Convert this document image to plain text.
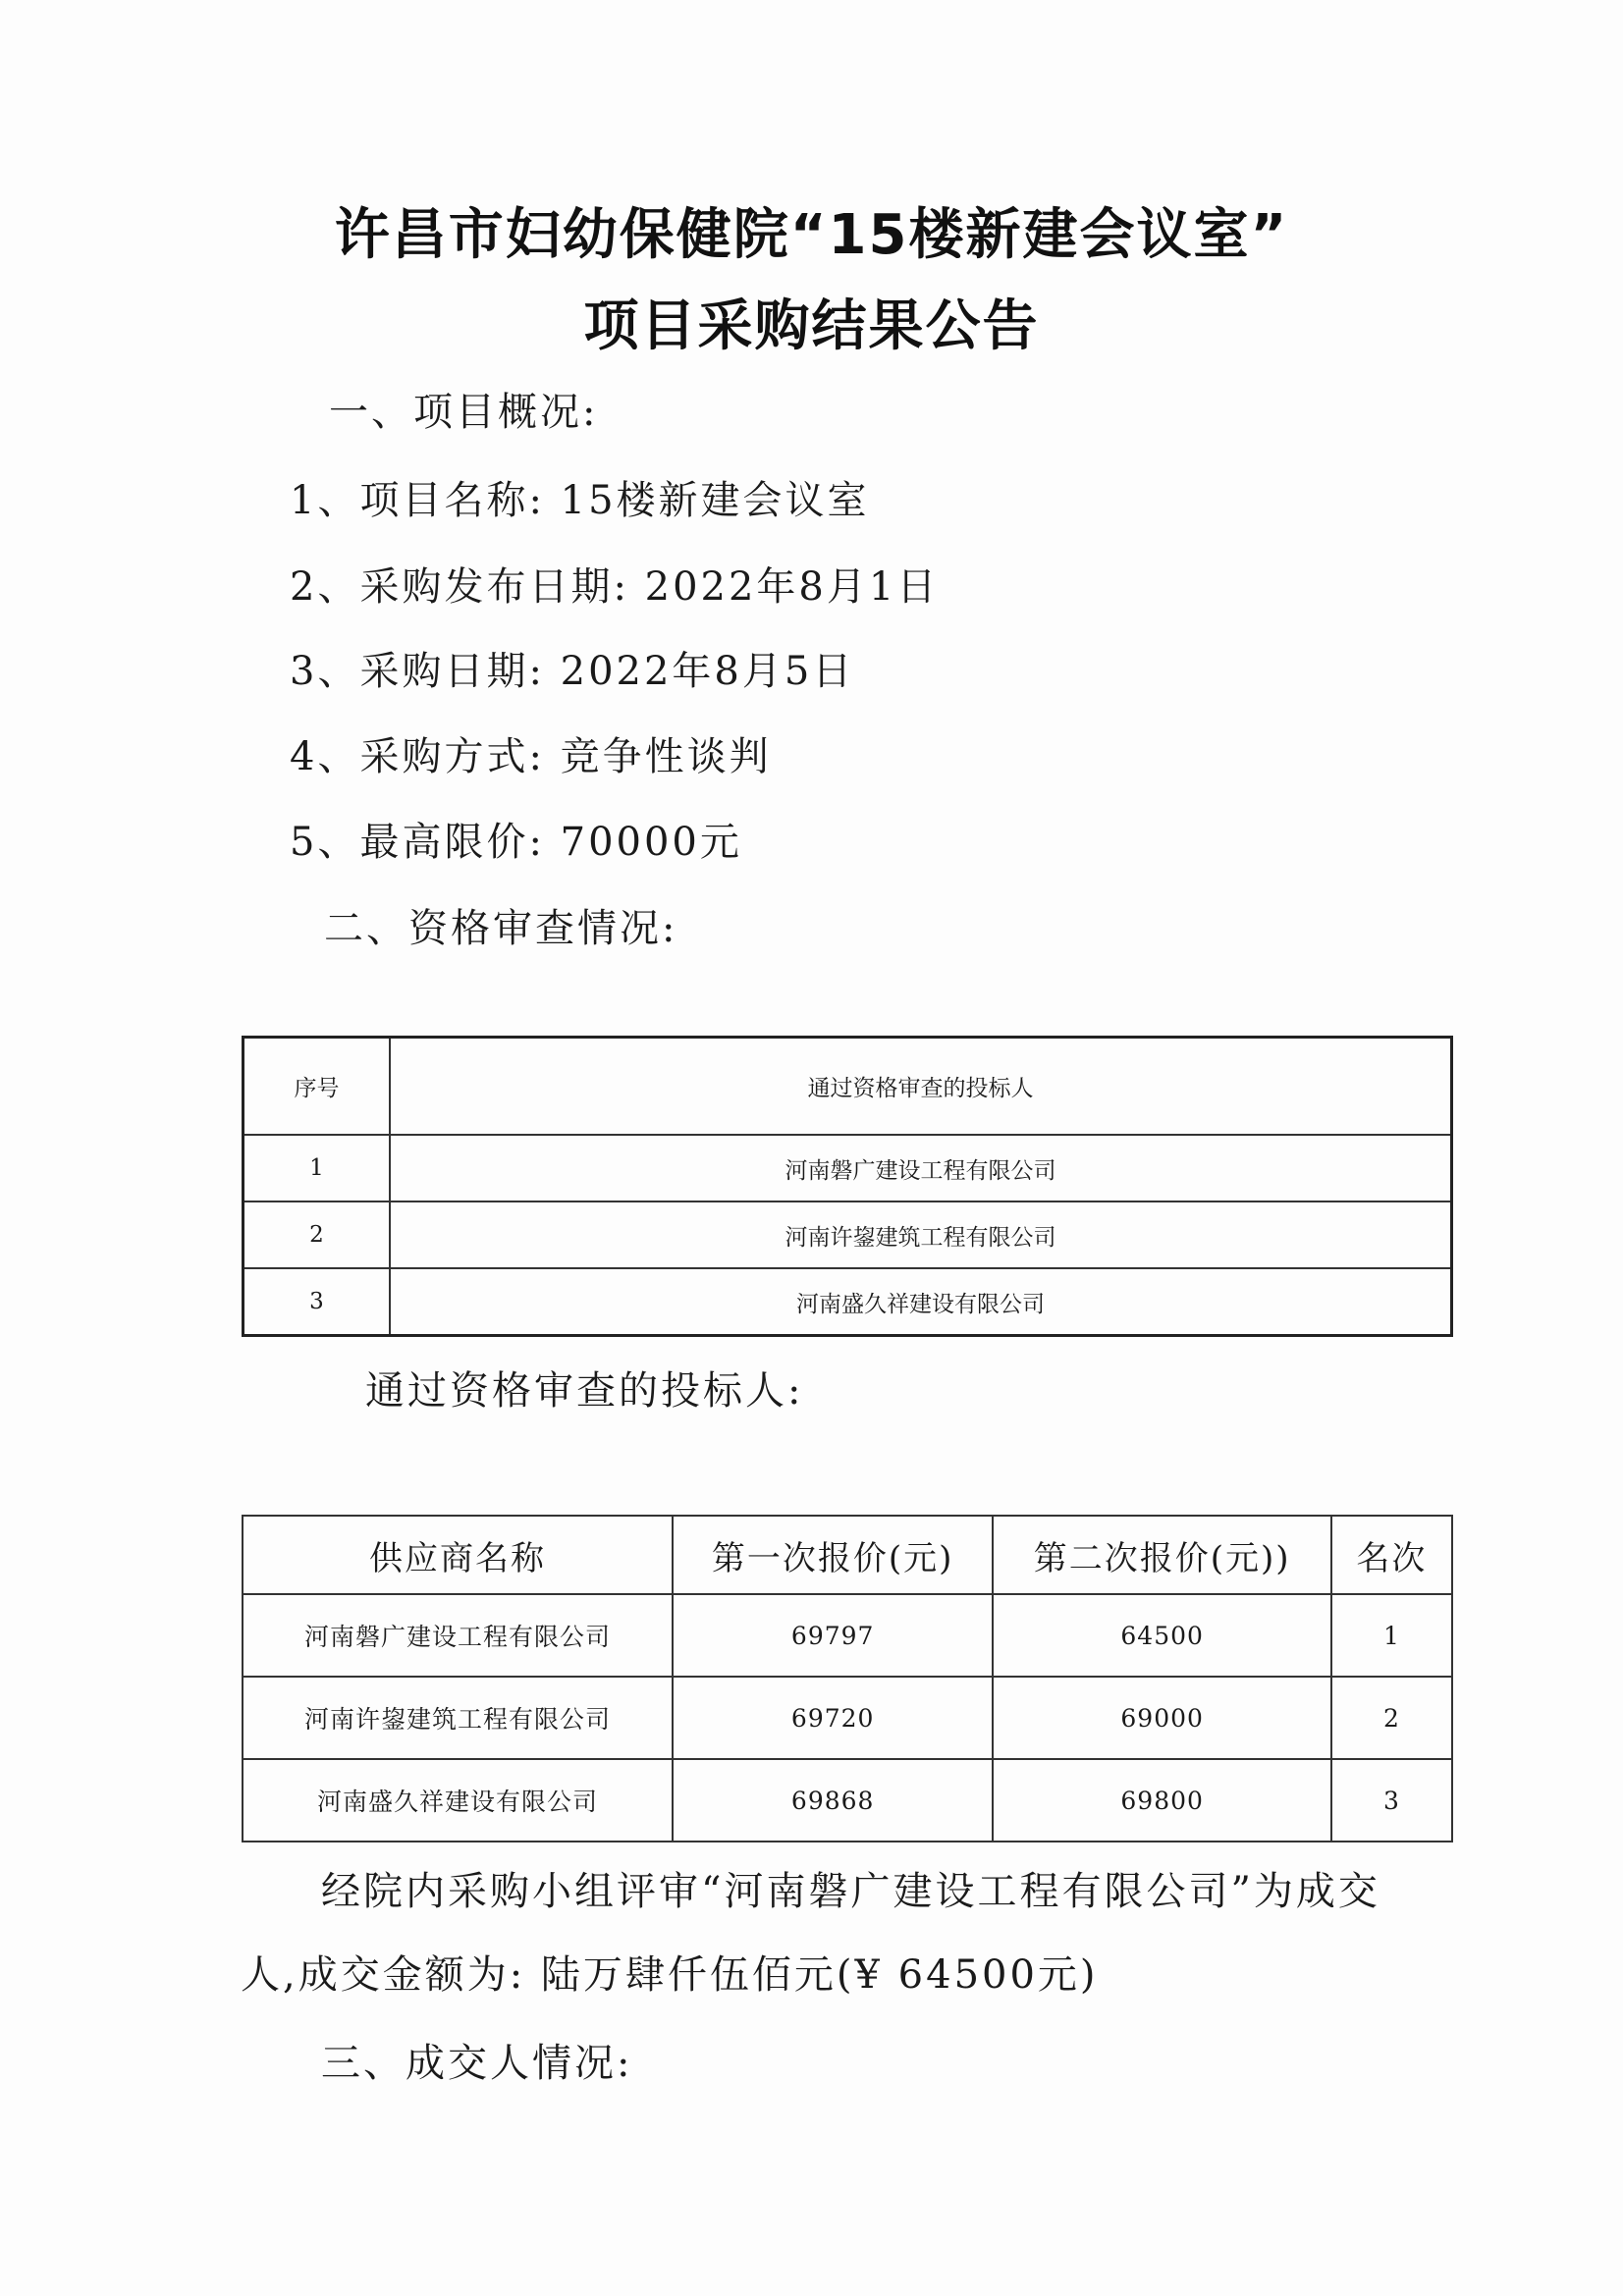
许昌市妇幼保健院“15楼新建会议室”
项目采购结果公告
一、项目概况:
1、项目名称: 15楼新建会议室
2、采购发布日期: 2022年8月1日
3、采购日期: 2022年8月5日
4、采购方式: 竞争性谈判
5、最高限价: 70000元
二、资格审查情况:
序号	通过资格审查的投标人
1	河南磐广建设工程有限公司
2	河南许鋆建筑工程有限公司
3	河南盛久祥建设有限公司
通过资格审查的投标人:
供应商名称	第一次报价(元)	第二次报价(元))	名次
河南磐广建设工程有限公司	69797	64500	1
河南许鋆建筑工程有限公司	69720	69000	2
河南盛久祥建设有限公司	69868	69800	3
经院内采购小组评审“河南磐广建设工程有限公司”为成交
人,成交金额为: 陆万肆仟伍佰元(¥ 64500元)
三、成交人情况:
